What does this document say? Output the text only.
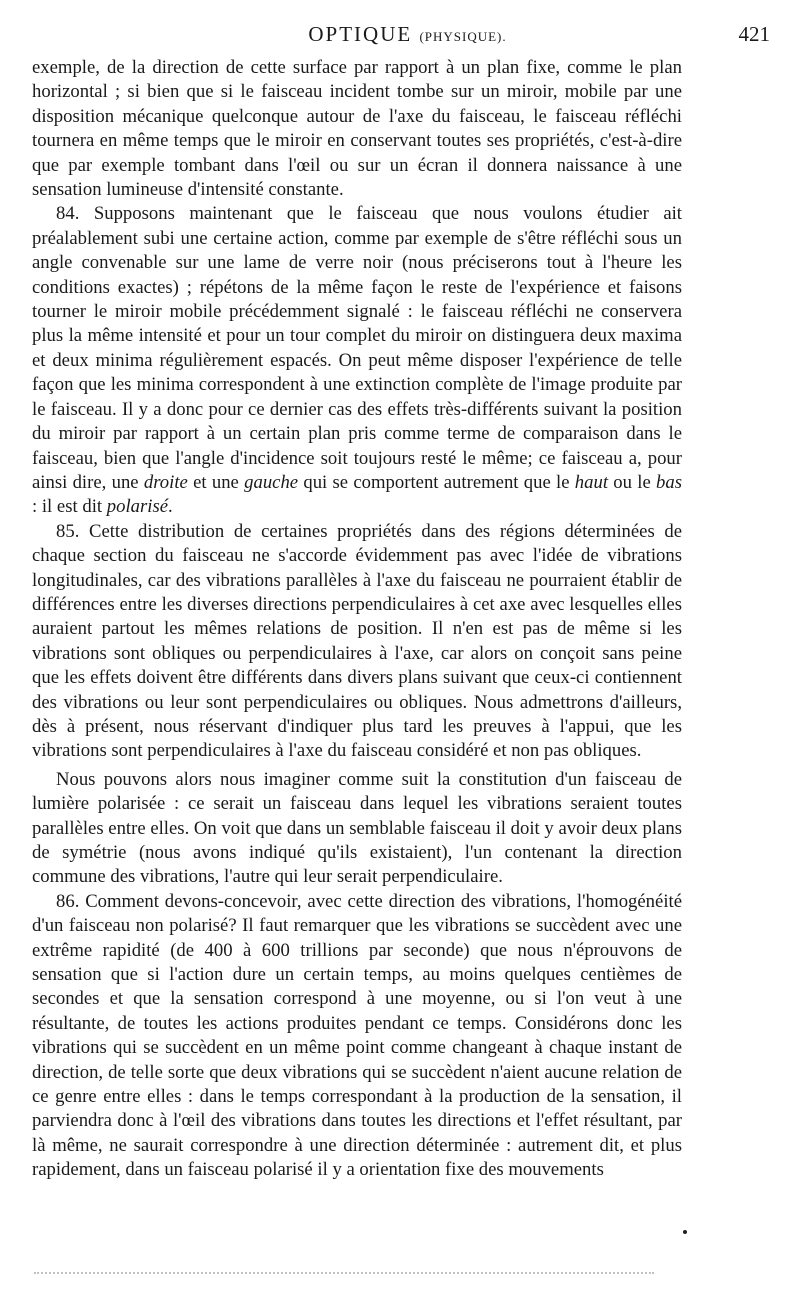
OPTIQUE (PHYSIQUE).	421

exemple, de la direction de cette surface par rapport à un plan fixe, comme le plan horizontal ; si bien que si le faisceau incident tombe sur un miroir, mobile par une disposition mécanique quelconque autour de l'axe du faisceau, le faisceau réfléchi tournera en même temps que le miroir en conservant toutes ses propriétés, c'est-à-dire que par exemple tombant dans l'œil ou sur un écran il donnera naissance à une sensation lumineuse d'intensité constante.

84. Supposons maintenant que le faisceau que nous voulons étudier ait préalablement subi une certaine action, comme par exemple de s'être réfléchi sous un angle convenable sur une lame de verre noir (nous préciserons tout à l'heure les conditions exactes) ; répétons de la même façon le reste de l'expérience et faisons tourner le miroir mobile précédemment signalé : le faisceau réfléchi ne conservera plus la même intensité et pour un tour complet du miroir on distinguera deux maxima et deux minima régulièrement espacés. On peut même disposer l'expérience de telle façon que les minima correspondent à une extinction complète de l'image produite par le faisceau. Il y a donc pour ce dernier cas des effets très-différents suivant la position du miroir par rapport à un certain plan pris comme terme de comparaison dans le faisceau, bien que l'angle d'incidence soit toujours resté le même; ce faisceau a, pour ainsi dire, une droite et une gauche qui se comportent autrement que le haut ou le bas : il est dit polarisé.

85. Cette distribution de certaines propriétés dans des régions déterminées de chaque section du faisceau ne s'accorde évidemment pas avec l'idée de vibrations longitudinales, car des vibrations parallèles à l'axe du faisceau ne pourraient établir de différences entre les diverses directions perpendiculaires à cet axe avec lesquelles elles auraient partout les mêmes relations de position. Il n'en est pas de même si les vibrations sont obliques ou perpendiculaires à l'axe, car alors on conçoit sans peine que les effets doivent être différents dans divers plans suivant que ceux-ci contiennent des vibrations ou leur sont perpendiculaires ou obliques. Nous admettrons d'ailleurs, dès à présent, nous réservant d'indiquer plus tard les preuves à l'appui, que les vibrations sont perpendiculaires à l'axe du faisceau considéré et non pas obliques.

Nous pouvons alors nous imaginer comme suit la constitution d'un faisceau de lumière polarisée : ce serait un faisceau dans lequel les vibrations seraient toutes parallèles entre elles. On voit que dans un semblable faisceau il doit y avoir deux plans de symétrie (nous avons indiqué qu'ils existaient), l'un contenant la direction commune des vibrations, l'autre qui leur serait perpendiculaire.

86. Comment devons-concevoir, avec cette direction des vibrations, l'homogénéité d'un faisceau non polarisé? Il faut remarquer que les vibrations se succèdent avec une extrême rapidité (de 400 à 600 trillions par seconde) que nous n'éprouvons de sensation que si l'action dure un certain temps, au moins quelques centièmes de secondes et que la sensation correspond à une moyenne, ou si l'on veut à une résultante, de toutes les actions produites pendant ce temps. Considérons donc les vibrations qui se succèdent en un même point comme changeant à chaque instant de direction, de telle sorte que deux vibrations qui se succèdent n'aient aucune relation de ce genre entre elles : dans le temps correspondant à la production de la sensation, il parviendra donc à l'œil des vibrations dans toutes les directions et l'effet résultant, par là même, ne saurait correspondre à une direction déterminée : autrement dit, et plus rapidement, dans un faisceau polarisé il y a orientation fixe des mouvements
